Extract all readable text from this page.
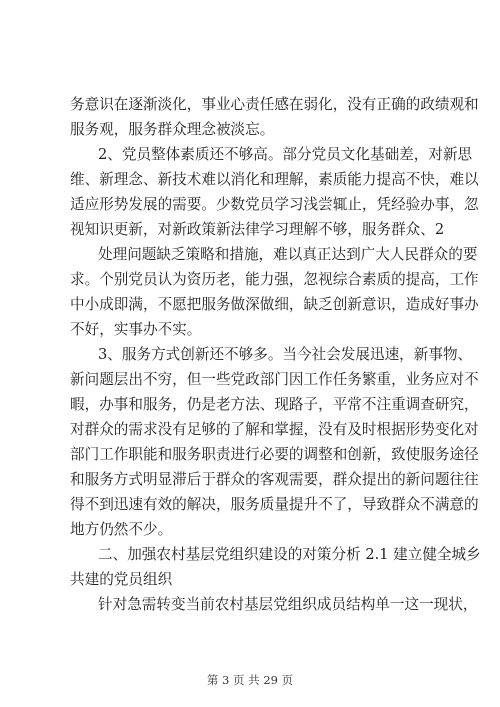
务意识在逐渐淡化，事业心责任感在弱化，没有正确的政绩观和
服务观，服务群众理念被淡忘。
2、党员整体素质还不够高。部分党员文化基础差，对新思
维、新理念、新技术难以消化和理解，素质能力提高不快，难以
适应形势发展的需要。少数党员学习浅尝辄止，凭经验办事，忽
视知识更新，对新政策新法律学习理解不够，服务群众、2
处理问题缺乏策略和措施，难以真正达到广大人民群众的要
求。个别党员认为资历老，能力强，忽视综合素质的提高，工作
中小成即满，不愿把服务做深做细，缺乏创新意识，造成好事办
不好，实事办不实。
3、服务方式创新还不够多。当今社会发展迅速，新事物、
新问题层出不穷，但一些党政部门因工作任务繁重，业务应对不
暇，办事和服务，仍是老方法、现路子，平常不注重调查研究，
对群众的需求没有足够的了解和掌握，没有及时根据形势变化对
部门工作职能和服务职责进行必要的调整和创新，致使服务途径
和服务方式明显滞后于群众的客观需要，群众提出的新问题往往
得不到迅速有效的解决，服务质量提升不了，导致群众不满意的
地方仍然不少。
二、加强农村基层党组织建设的对策分析 2.1 建立健全城乡
共建的党员组织
针对急需转变当前农村基层党组织成员结构单一这一现状，
第 3 页 共 29 页
